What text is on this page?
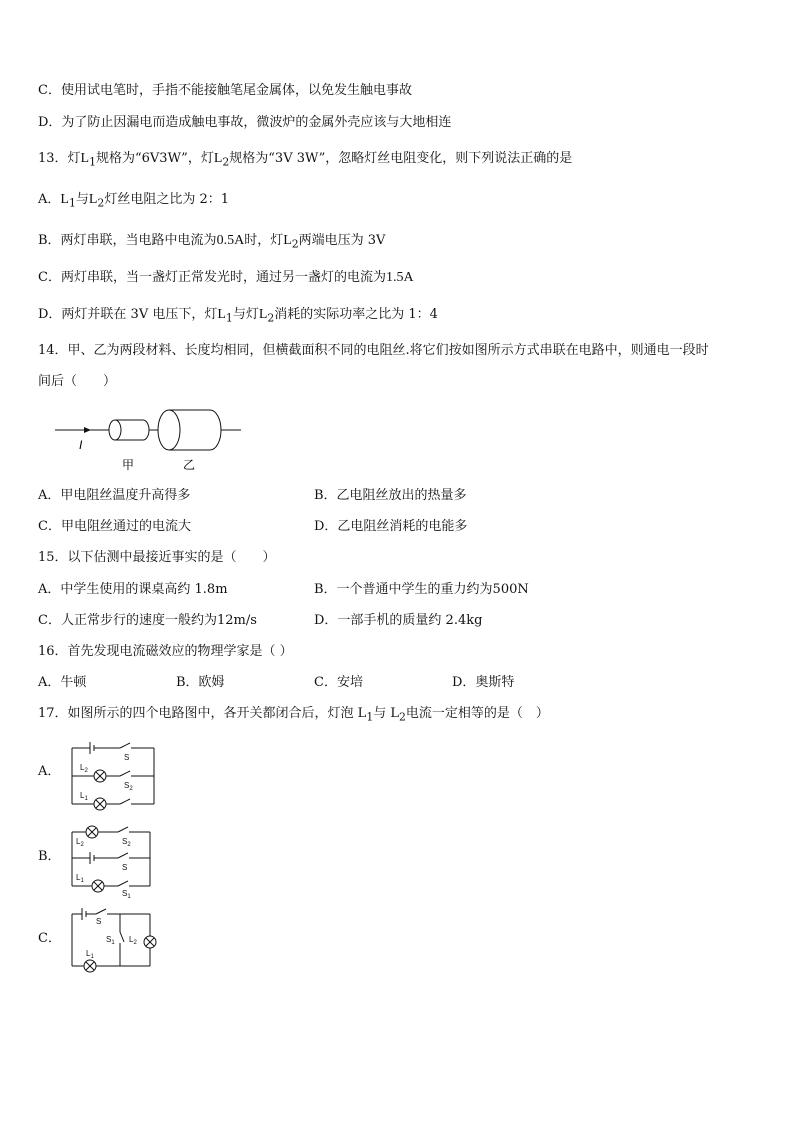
C．使用试电笔时，手指不能接触笔尾金属体，以免发生触电事故
D．为了防止因漏电而造成触电事故，微波炉的金属外壳应该与大地相连
13．灯$L_1$规格为“6V3W”，灯$L_2$规格为“3V 3W”，忽略灯丝电阻变化，则下列说法正确的是
A．$L_1$与$L_2$灯丝电阻之比为 2：1
B．两灯串联，当电路中电流为0.5A时，灯$L_2$两端电压为 3V
C．两灯串联，当一盏灯正常发光时，通过另一盏灯的电流为1.5A
D．两灯并联在 3V 电压下，灯$L_1$与灯$L_2$消耗的实际功率之比为 1：4
14．甲、乙为两段材料、长度均相同，但横截面积不同的电阻丝.将它们按如图所示方式串联在电路中，则通电一段时
间后（　　）
I
甲	乙
A．甲电阻丝温度升高得多	B．乙电阻丝放出的热量多
C．甲电阻丝通过的电流大	D．乙电阻丝消耗的电能多
15．以下估测中最接近事实的是（　　）
A．中学生使用的课桌高约 1.8m	B．一个普通中学生的重力约为500N
C．人正常步行的速度一般约为12m/s	D．一部手机的质量约 2.4kg
16．首先发现电流磁效应的物理学家是（ ）
A．牛顿	B．欧姆	C．安培	D．奥斯特
17．如图所示的四个电路图中，各开关都闭合后，灯泡 $L_1$与 $L_2$电流一定相等的是（　）
A．
S
$L_2$
$S_2$
$L_1$
B．
$L_2$	$S_2$
S
$L_1$
$S_1$
C．
S
$S_1$ $L_2$
$L_1$
